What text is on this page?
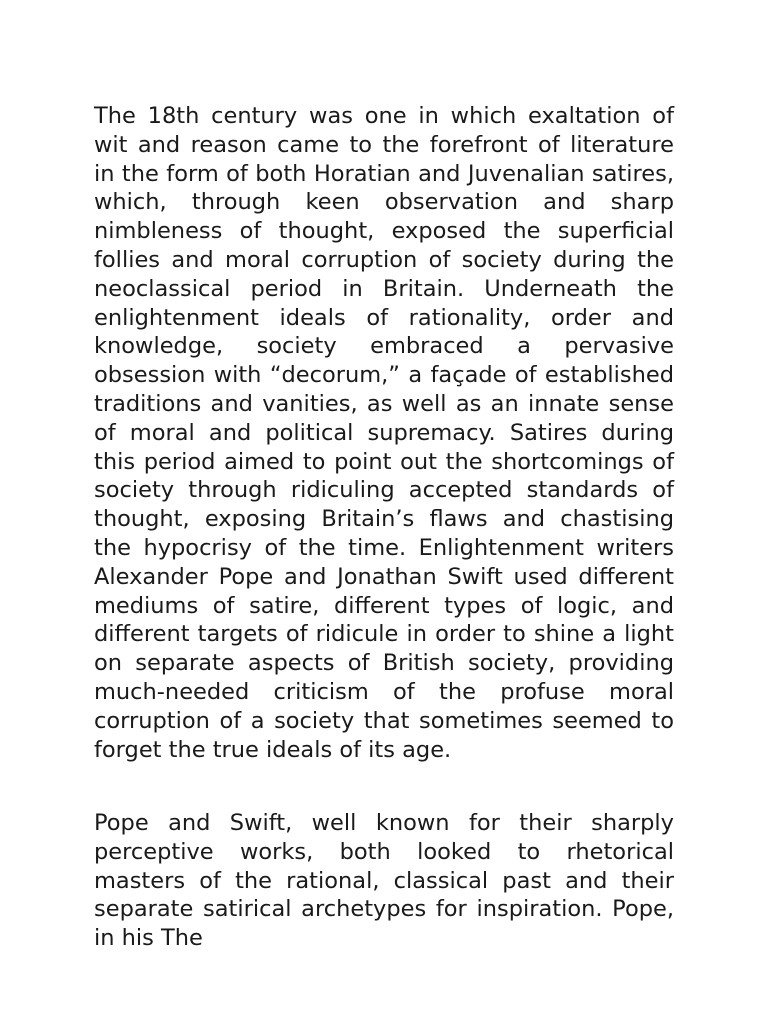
The 18th century was one in which exaltation of wit and reason came to the forefront of literature in the form of both Horatian and Juvenalian satires, which, through keen observation and sharp nimbleness of thought, exposed the superficial follies and moral corruption of society during the neoclassical period in Britain. Underneath the enlightenment ideals of rationality, order and knowledge, society embraced a pervasive obsession with “decorum,” a façade of established traditions and vanities, as well as an innate sense of moral and political supremacy. Satires during this period aimed to point out the shortcomings of society through ridiculing accepted standards of thought, exposing Britain’s flaws and chastising the hypocrisy of the time. Enlightenment writers Alexander Pope and Jonathan Swift used different mediums of satire, different types of logic, and different targets of ridicule in order to shine a light on separate aspects of British society, providing much-needed criticism of the profuse moral corruption of a society that sometimes seemed to forget the true ideals of its age.

Pope and Swift, well known for their sharply perceptive works, both looked to rhetorical masters of the rational, classical past and their separate satirical archetypes for inspiration. Pope, in his The
